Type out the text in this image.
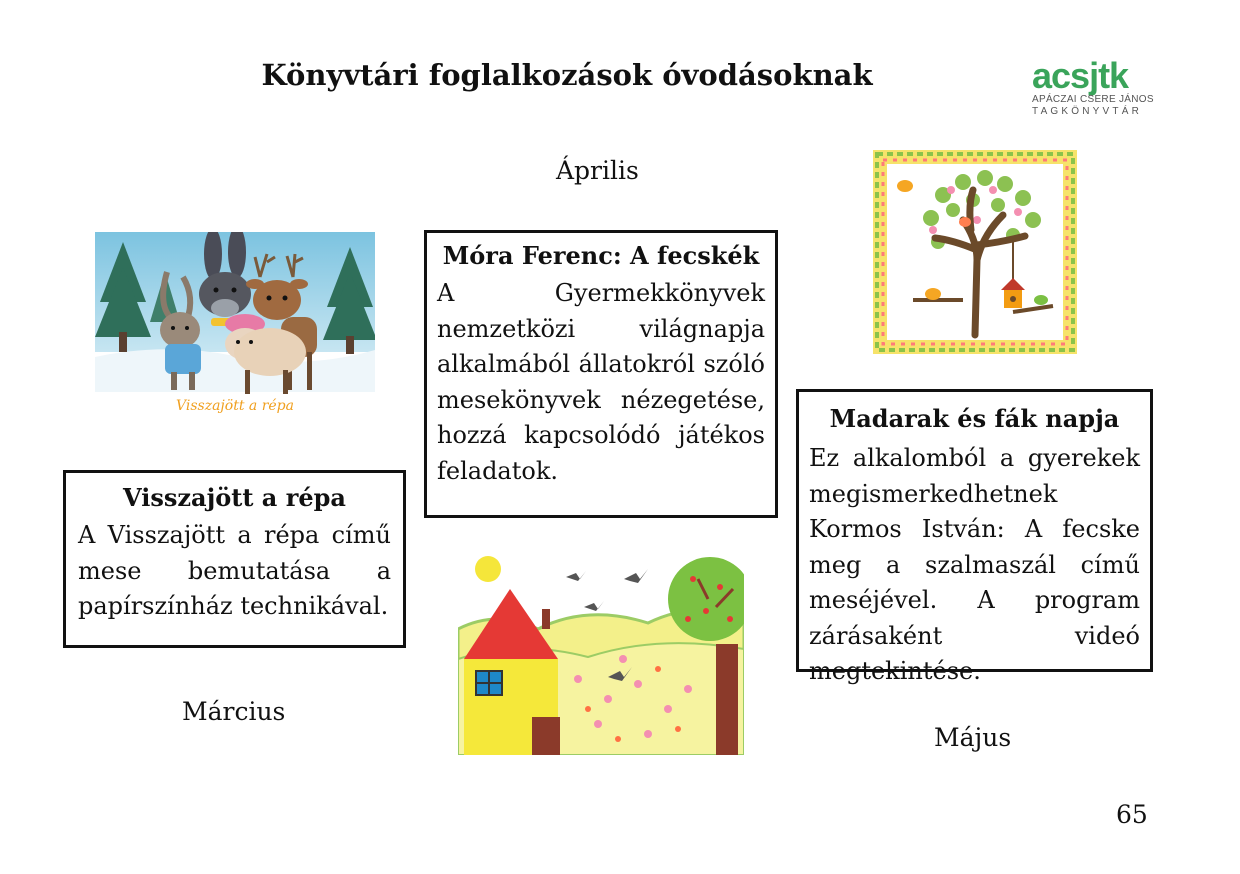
Könyvtári foglalkozások óvodásoknak	acsjtk
APÁCZAI CSERE JÁNOS
TAGKÖNYVTÁR
Április
Március
Május
65
Visszajött a répa
Visszajött a répa

A Visszajött a répa című mese bemutatása a papírszínház technikával.

Móra Ferenc: A fecskék

A Gyermekkönyvek nemzetközi világnapja alkalmából állatokról szóló mesekönyvek nézegetése, hozzá kapcsolódó játékos feladatok.

Madarak és fák napja

Ez alkalomból a gyerekek megismerkedhetnek Kormos István: A fecske meg a szalmaszál című meséjével. A program zárásaként videó megtekintése.
